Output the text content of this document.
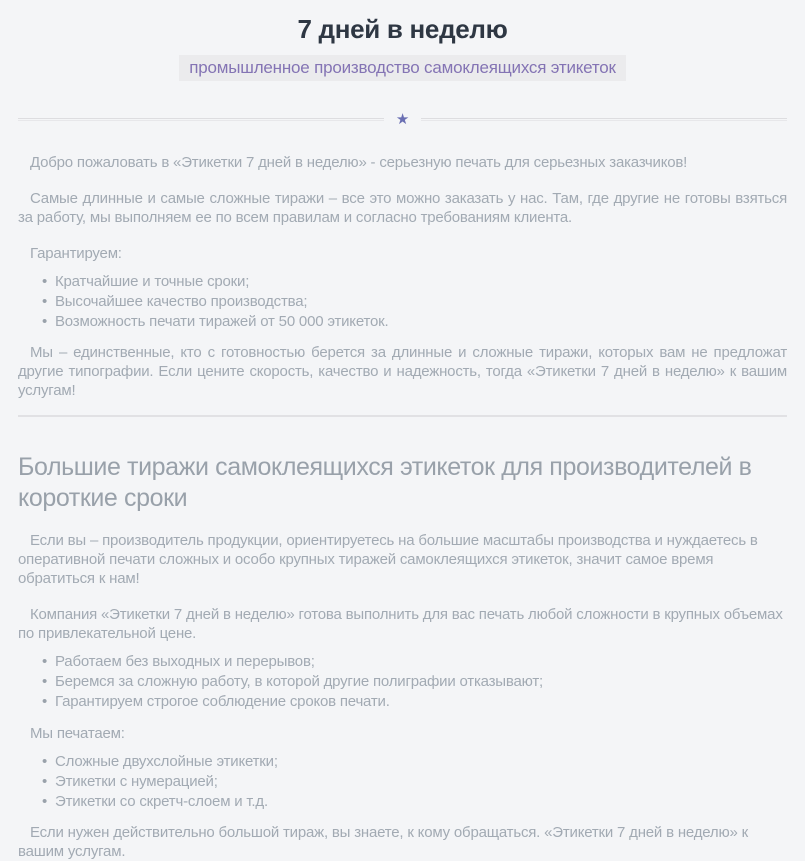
7 дней в неделю
промышленное производство самоклеящихся этикеток
★

Добро пожаловать в «Этикетки 7 дней в неделю» - серьезную печать для серьезных заказчиков!

Самые длинные и самые сложные тиражи – все это можно заказать у нас. Там, где другие не готовы взяться за работу, мы выполняем ее по всем правилам и согласно требованиям клиента.

Гарантируем:

• Кратчайшие и точные сроки;
• Высочайшее качество производства;
• Возможность печати тиражей от 50 000 этикеток.

Мы – единственные, кто с готовностью берется за длинные и сложные тиражи, которых вам не предложат другие типографии. Если цените скорость, качество и надежность, тогда «Этикетки 7 дней в неделю» к вашим услугам!

Большие тиражи самоклеящихся этикеток для производителей в короткие сроки

Если вы – производитель продукции, ориентируетесь на большие масштабы производства и нуждаетесь в оперативной печати сложных и особо крупных тиражей самоклеящихся этикеток, значит самое время обратиться к нам!

Компания «Этикетки 7 дней в неделю» готова выполнить для вас печать любой сложности в крупных объемах по привлекательной цене.

• Работаем без выходных и перерывов;
• Беремся за сложную работу, в которой другие полиграфии отказывают;
• Гарантируем строгое соблюдение сроков печати.

Мы печатаем:

• Сложные двухслойные этикетки;
• Этикетки с нумерацией;
• Этикетки со скретч-слоем и т.д.

Если нужен действительно большой тираж, вы знаете, к кому обращаться. «Этикетки 7 дней в неделю» к вашим услугам.
